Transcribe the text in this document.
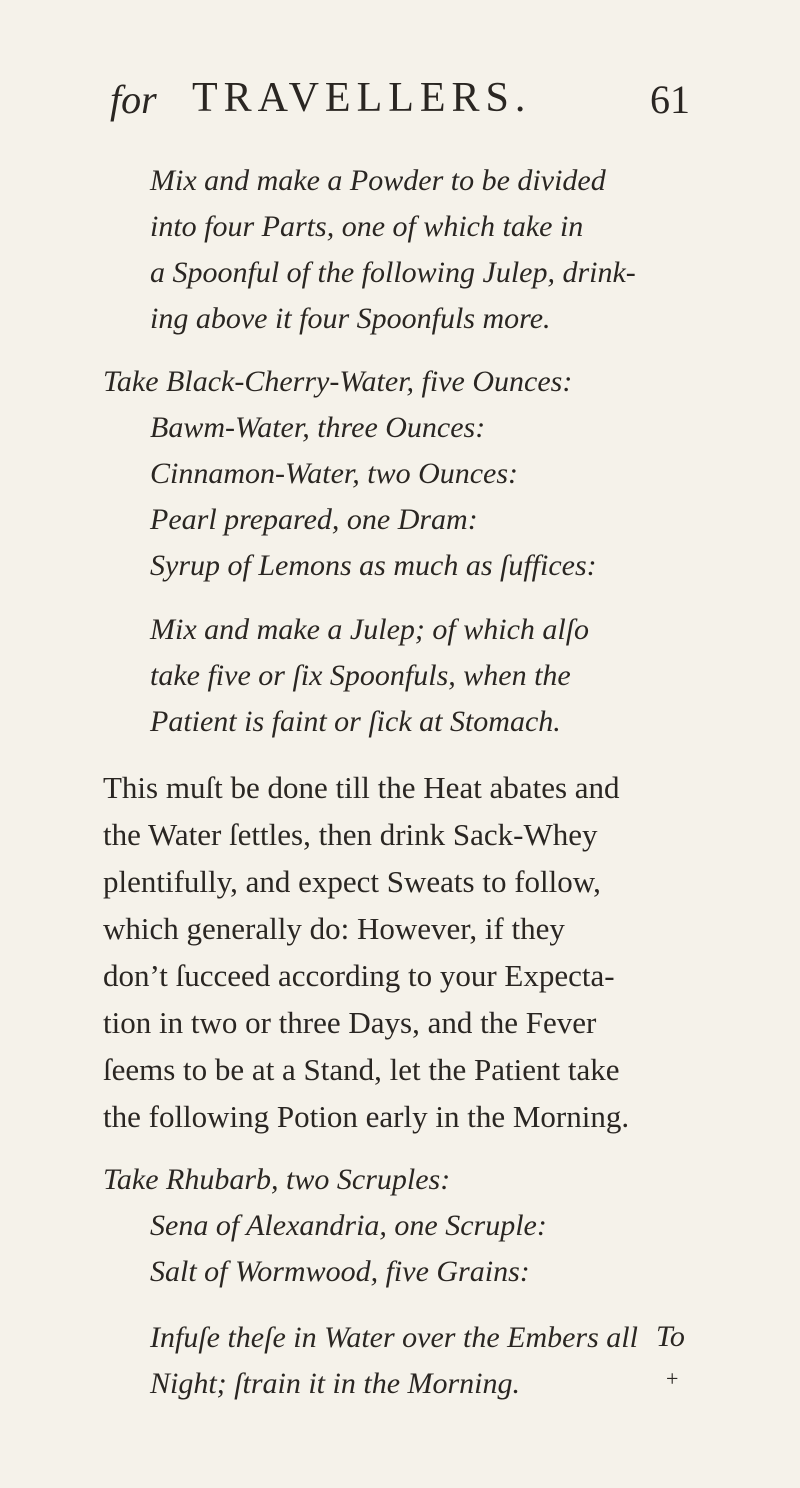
for TRAVELLERS.	61
Mix and make a Powder to be divided
into four Parts, one of which take in
a Spoonful of the following Julep, drink-
ing above it four Spoonfuls more.
Take Black-Cherry-Water, five Ounces:
Bawm-Water, three Ounces:
Cinnamon-Water, two Ounces:
Pearl prepared, one Dram:
Syrup of Lemons as much as ſuffices:
Mix and make a Julep; of which alſo
take five or ſix Spoonfuls, when the
Patient is faint or ſick at Stomach.
This muſt be done till the Heat abates and
the Water ſettles, then drink Sack-Whey
plentifully, and expect Sweats to follow,
which generally do: However, if they
don’t ſucceed according to your Expecta-
tion in two or three Days, and the Fever
ſeems to be at a Stand, let the Patient take
the following Potion early in the Morning.
Take Rhubarb, two Scruples:
Sena of Alexandria, one Scruple:
Salt of Wormwood, five Grains:
Infuſe theſe in Water over the Embers all
Night; ſtrain it in the Morning.
To
+
